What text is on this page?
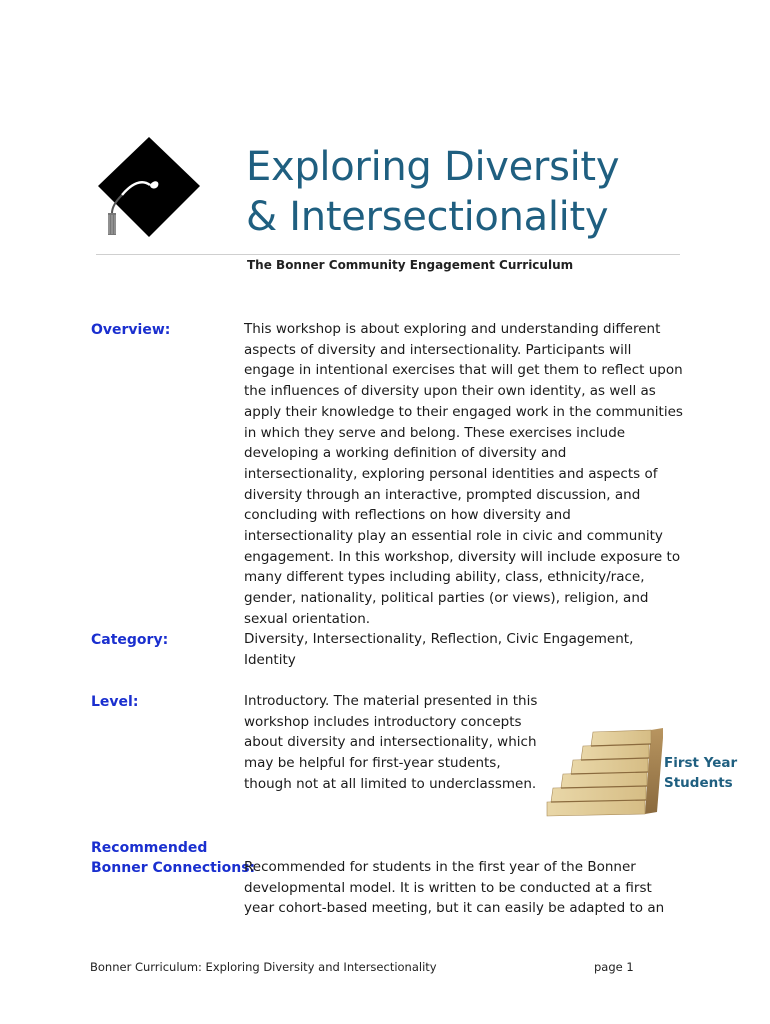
Exploring Diversity
& Intersectionality
The Bonner Community Engagement Curriculum
Overview:	This workshop is about exploring and understanding different aspects of diversity and intersectionality. Participants will engage in intentional exercises that will get them to reflect upon the influences of diversity upon their own identity, as well as apply their knowledge to their engaged work in the communities in which they serve and belong. These exercises include developing a working definition of diversity and intersectionality, exploring personal identities and aspects of diversity through an interactive, prompted discussion, and concluding with reflections on how diversity and intersectionality play an essential role in civic and community engagement. In this workshop, diversity will include exposure to many different types including ability, class, ethnicity/race, gender, nationality, political parties (or views), religion, and sexual orientation.

Category:	Diversity, Intersectionality, Reflection, Civic Engagement, Identity

Level:	Introductory. The material presented in this workshop includes introductory concepts about diversity and intersectionality, which may be helpful for first-year students, though not at all limited to underclassmen.

First Year
Students
Recommended
Bonner Connections:

Recommended for students in the first year of the Bonner developmental model. It is written to be conducted at a first year cohort-based meeting, but it can easily be adapted to an

Bonner Curriculum: Exploring Diversity and Intersectionality	page 1
